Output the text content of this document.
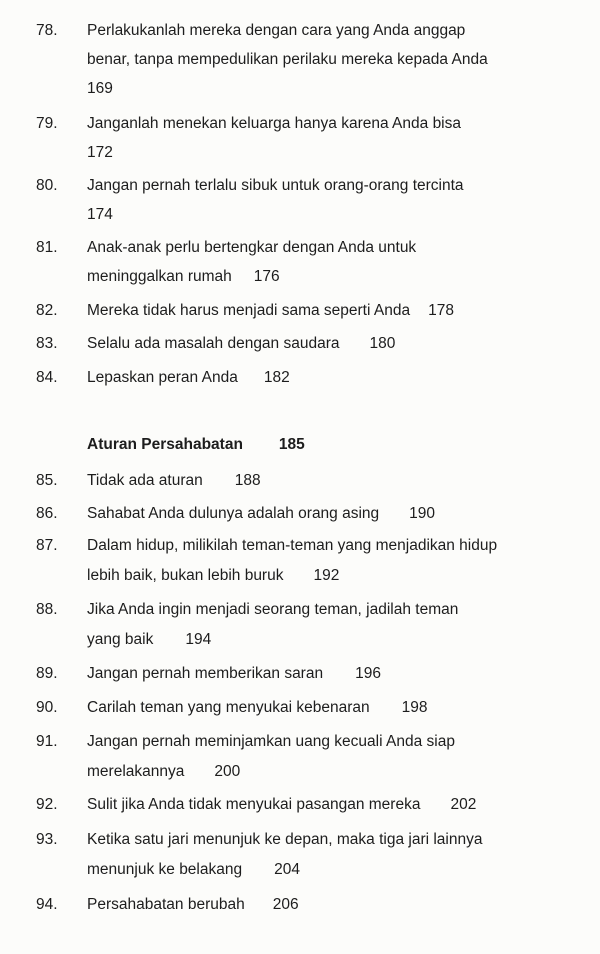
78.	Perlakukanlah mereka dengan cara yang Anda anggap
benar, tanpa mempedulikan perilaku mereka kepada Anda
169
79.	Janganlah menekan keluarga hanya karena Anda bisa
172
80.	Jangan pernah terlalu sibuk untuk orang-orang tercinta
174
81.	Anak-anak perlu bertengkar dengan Anda untuk
meninggalkan rumah 176
82.	Mereka tidak harus menjadi sama seperti Anda 178
83.	Selalu ada masalah dengan saudara 180
84.	Lepaskan peran Anda 182
Aturan Persahabatan 185
85.	Tidak ada aturan 188
86.	Sahabat Anda dulunya adalah orang asing 190
87.	Dalam hidup, milikilah teman-teman yang menjadikan hidup
lebih baik, bukan lebih buruk 192
88.	Jika Anda ingin menjadi seorang teman, jadilah teman
yang baik 194
89.	Jangan pernah memberikan saran 196
90.	Carilah teman yang menyukai kebenaran 198
91.	Jangan pernah meminjamkan uang kecuali Anda siap
merelakannya 200
92.	Sulit jika Anda tidak menyukai pasangan mereka 202
93.	Ketika satu jari menunjuk ke depan, maka tiga jari lainnya
menunjuk ke belakang 204
94.	Persahabatan berubah 206
